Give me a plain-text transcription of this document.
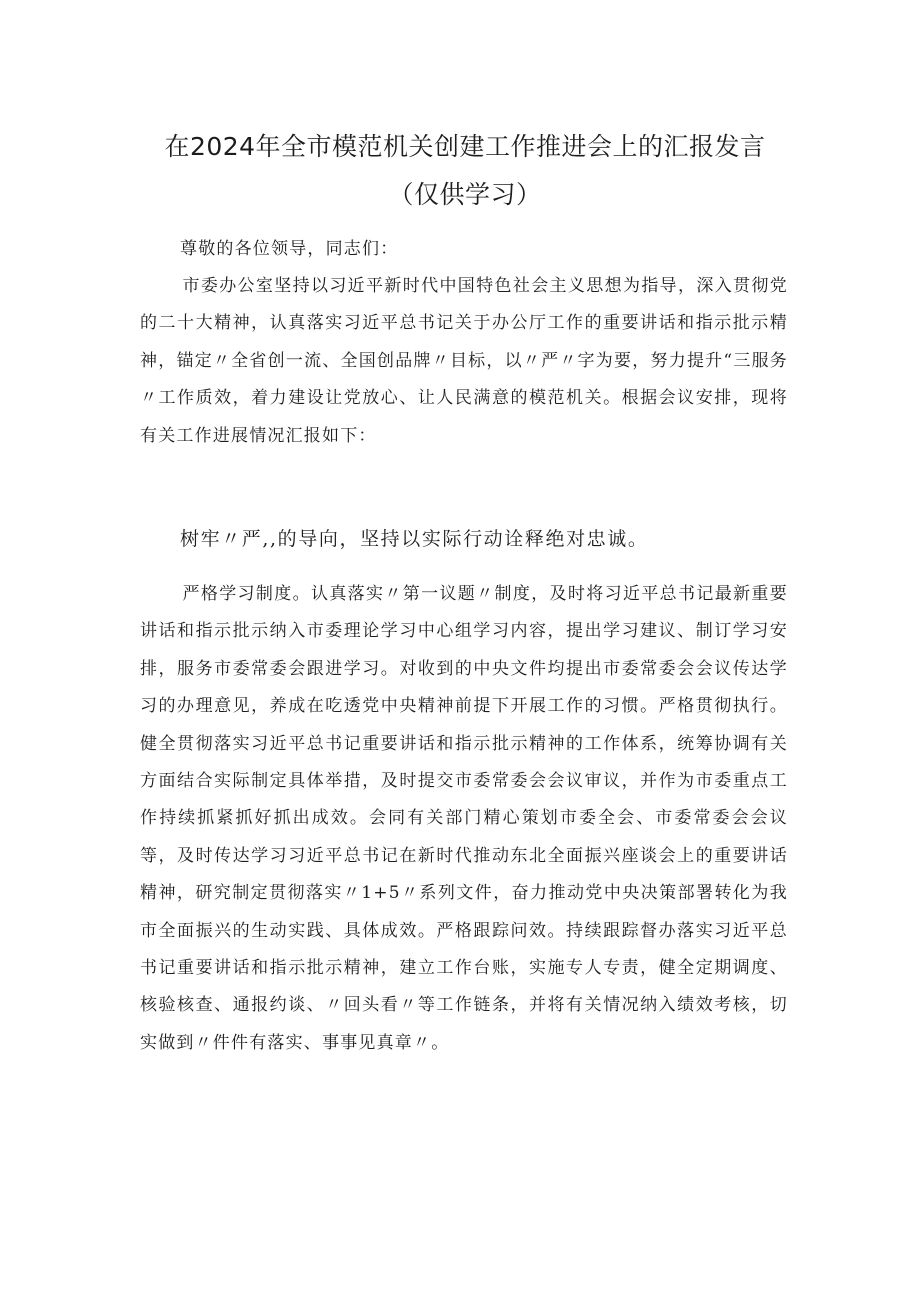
在2024年全市模范机关创建工作推进会上的汇报发言（仅供学习）

尊敬的各位领导，同志们：

市委办公室坚持以习近平新时代中国特色社会主义思想为指导，深入贯彻党的二十大精神，认真落实习近平总书记关于办公厅工作的重要讲话和指示批示精神，锚定〃全省创一流、全国创品牌〃目标，以〃严〃字为要，努力提升“三服务〃工作质效，着力建设让党放心、让人民满意的模范机关。根据会议安排，现将有关工作进展情况汇报如下：

树牢〃严,,的导向，坚持以实际行动诠释绝对忠诚。

严格学习制度。认真落实〃第一议题〃制度，及时将习近平总书记最新重要讲话和指示批示纳入市委理论学习中心组学习内容，提出学习建议、制订学习安排，服务市委常委会跟进学习。对收到的中央文件均提出市委常委会会议传达学习的办理意见，养成在吃透党中央精神前提下开展工作的习惯。严格贯彻执行。健全贯彻落实习近平总书记重要讲话和指示批示精神的工作体系，统筹协调有关方面结合实际制定具体举措，及时提交市委常委会会议审议，并作为市委重点工作持续抓紧抓好抓出成效。会同有关部门精心策划市委全会、市委常委会会议等，及时传达学习习近平总书记在新时代推动东北全面振兴座谈会上的重要讲话精神，研究制定贯彻落实〃1+5〃系列文件，奋力推动党中央决策部署转化为我市全面振兴的生动实践、具体成效。严格跟踪问效。持续跟踪督办落实习近平总书记重要讲话和指示批示精神，建立工作台账，实施专人专责，健全定期调度、核验核查、通报约谈、〃回头看〃等工作链条，并将有关情况纳入绩效考核，切实做到〃件件有落实、事事见真章〃。
